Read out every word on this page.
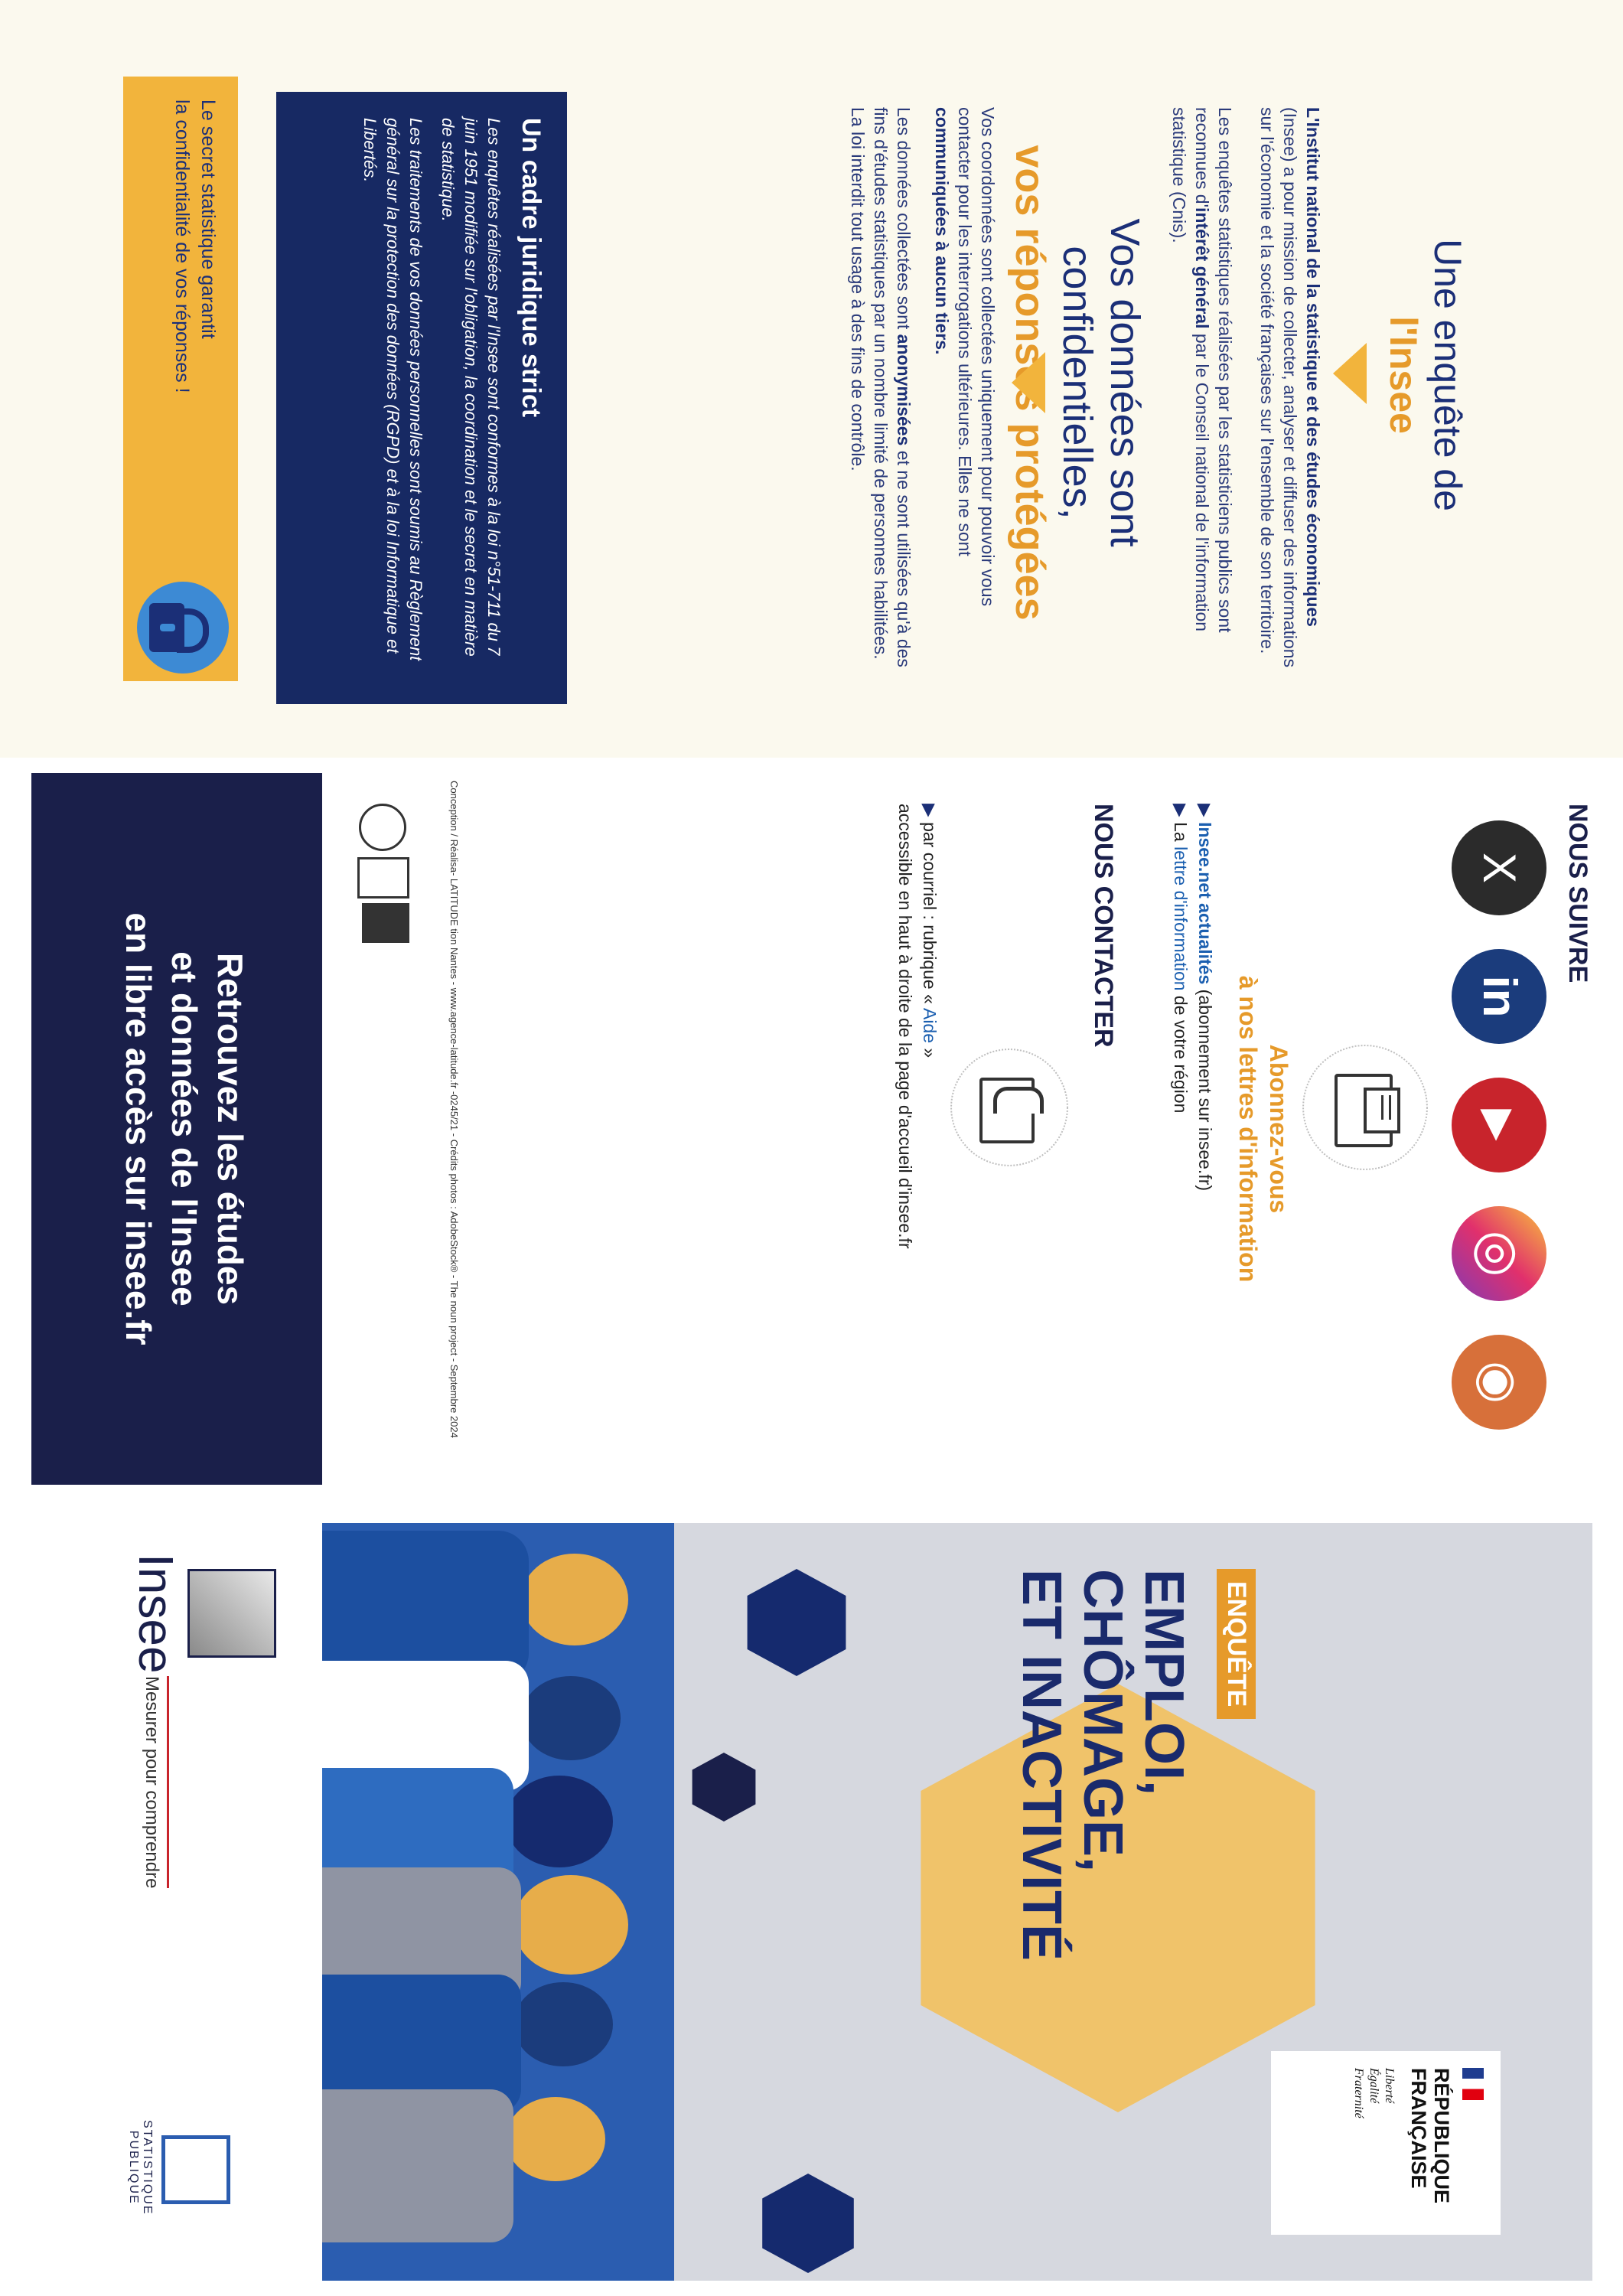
Une enquête de
l'Insee
L'Institut national de la statistique et des études économiques (Insee) a pour mission de collecter, analyser et diffuser des informations sur l'économie et la société françaises sur l'ensemble de son territoire.
Les enquêtes statistiques réalisées par les statisticiens publics sont reconnues d'intérêt général par le Conseil national de l'information statistique (Cnis).
Vos données sont confidentielles,
vos réponses protégées
Vos coordonnées sont collectées uniquement pour pouvoir vous contacter pour les interrogations ultérieures. Elles ne sont communiquées à aucun tiers.
Les données collectées sont anonymisées et ne sont utilisées qu'à des fins d'études statistiques par un nombre limité de personnes habilitées. La loi interdit tout usage à des fins de contrôle.
Un cadre juridique strict

Les enquêtes réalisées par l'Insee sont conformes à la loi n°51-711 du 7 juin 1951 modifiée sur l'obligation, la coordination et le secret en matière de statistique.

Les traitements de vos données personnelles sont soumis au Règlement général sur la protection des données (RGPD) et à la loi Informatique et Libertés.

Le secret statistique garantit
la confidentialité de vos réponses !
NOUS SUIVRE
X
in
▶
◎
◉
Abonnez-vous
à nos lettres d'information
▶ Insee.net actualités (abonnement sur insee.fr)
▶ La lettre d'information de votre région
NOUS CONTACTER
▶ par courriel : rubrique « Aide »
accessible en haut à droite de la page d'accueil d'insee.fr
Conception / Réalisa- LATITUDE tion Nantes - www.agence-latitude.fr -0245/21 - Crédits photos : AdobeStock® - The noun project - Septembre 2024
Retrouvez les études
et données de l'Insee
en libre accès sur insee.fr
RÉPUBLIQUE
FRANÇAISE
Liberté
Égalité
Fraternité
ENQUÊTE
EMPLOI,
CHÔMAGE,
ET INACTIVITÉ
Insee
Mesurer pour comprendre
STATISTIQUE
PUBLIQUE
